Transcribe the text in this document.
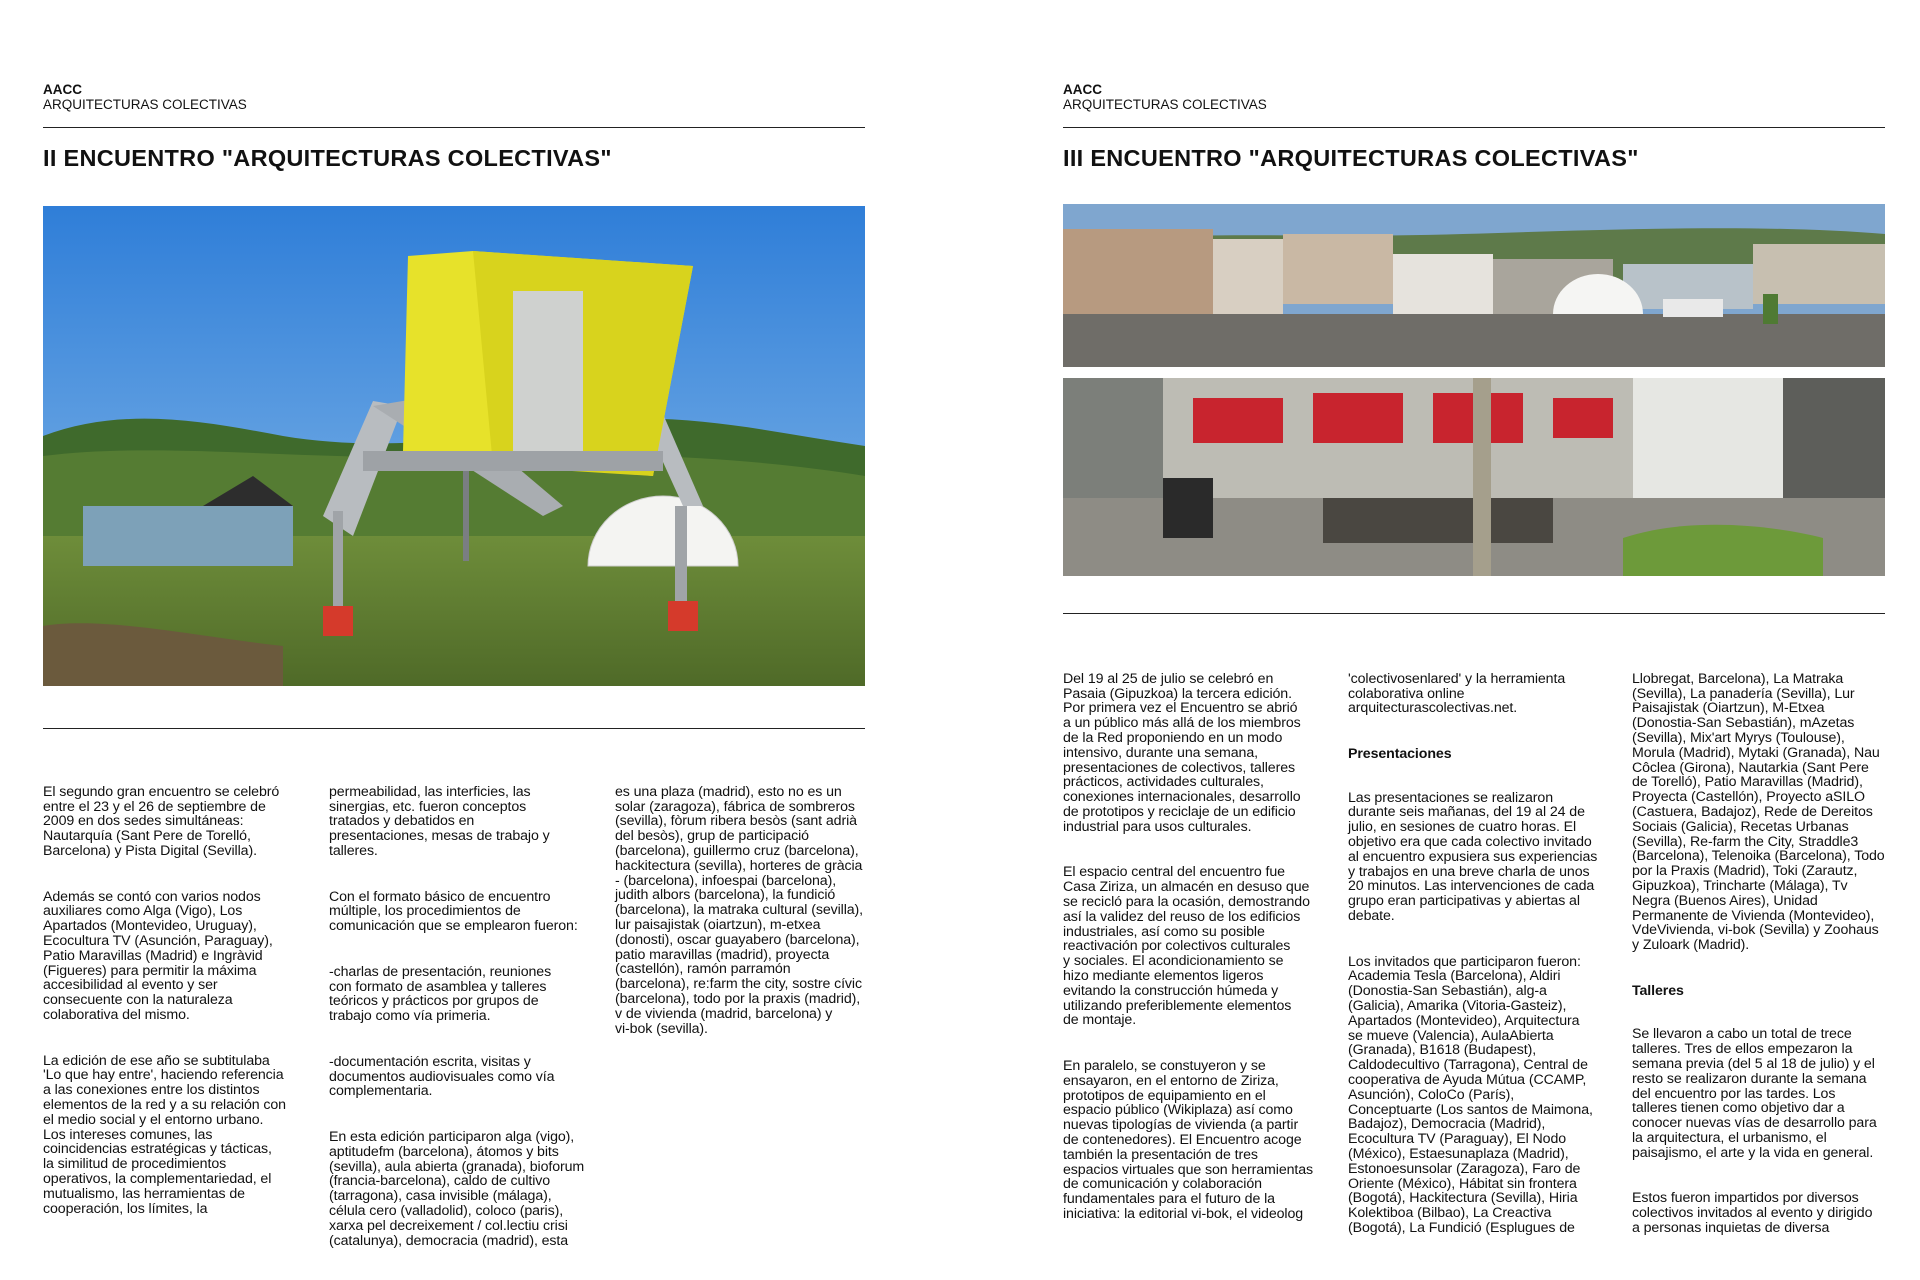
AACC
ARQUITECTURAS COLECTIVAS
II ENCUENTRO "ARQUITECTURAS COLECTIVAS"

El segundo gran encuentro se celebró
entre el 23 y el 26 de septiembre de
2009 en dos sedes simultáneas:
Nautarquía (Sant Pere de Torelló,
Barcelona) y Pista Digital (Sevilla).

Además se contó con varios nodos
auxiliares como Alga (Vigo), Los
Apartados (Montevideo, Uruguay),
Ecocultura TV (Asunción, Paraguay),
Patio Maravillas (Madrid) e Ingràvid
(Figueres) para permitir la máxima
accesibilidad al evento y ser
consecuente con la naturaleza
colaborativa del mismo.

La edición de ese año se subtitulaba
'Lo que hay entre', haciendo referencia
a las conexiones entre los distintos
elementos de la red y a su relación con
el medio social y el entorno urbano.
Los intereses comunes, las
coincidencias estratégicas y tácticas,
la similitud de procedimientos
operativos, la complementariedad, el
mutualismo, las herramientas de
cooperación, los límites, la

permeabilidad, las interficies, las
sinergias, etc. fueron conceptos
tratados y debatidos en
presentaciones, mesas de trabajo y
talleres.

Con el formato básico de encuentro
múltiple, los procedimientos de
comunicación que se emplearon fueron:

-charlas de presentación, reuniones
con formato de asamblea y talleres
teóricos y prácticos por grupos de
trabajo como vía primeria.

-documentación escrita, visitas y
documentos audiovisuales como vía
complementaria.

En esta edición participaron alga (vigo),
aptitudefm (barcelona), átomos y bits
(sevilla), aula abierta (granada), bioforum
(francia-barcelona), caldo de cultivo
(tarragona), casa invisible (málaga),
célula cero (valladolid), coloco (paris),
xarxa pel decreixement / col.lectiu crisi
(catalunya), democracia (madrid), esta

es una plaza (madrid), esto no es un
solar (zaragoza), fábrica de sombreros
(sevilla), fòrum ribera besòs (sant adrià
del besòs), grup de participació
(barcelona), guillermo cruz (barcelona),
hackitectura (sevilla), horteres de gràcia
- (barcelona), infoespai (barcelona),
judith albors (barcelona), la fundició
(barcelona), la matraka cultural (sevilla),
lur paisajistak (oiartzun), m-etxea
(donosti), oscar guayabero (barcelona),
patio maravillas (madrid), proyecta
(castellón), ramón parramón
(barcelona), re:farm the city, sostre cívic
(barcelona), todo por la praxis (madrid),
v de vivienda (madrid, barcelona) y
vi-bok (sevilla).

AACC
ARQUITECTURAS COLECTIVAS
III ENCUENTRO "ARQUITECTURAS COLECTIVAS"

Del 19 al 25 de julio se celebró en
Pasaia (Gipuzkoa) la tercera edición.
Por primera vez el Encuentro se abrió
a un público más allá de los miembros
de la Red proponiendo en un modo
intensivo, durante una semana,
presentaciones de colectivos, talleres
prácticos, actividades culturales,
conexiones internacionales, desarrollo
de prototipos y reciclaje de un edificio
industrial para usos culturales.

El espacio central del encuentro fue
Casa Ziriza, un almacén en desuso que
se recicló para la ocasión, demostrando
así la validez del reuso de los edificios
industriales, así como su posible
reactivación por colectivos culturales
y sociales. El acondicionamiento se
hizo mediante elementos ligeros
evitando la construcción húmeda y
utilizando preferiblemente elementos
de montaje.

En paralelo, se constuyeron y se
ensayaron, en el entorno de Ziriza,
prototipos de equipamiento en el
espacio público (Wikiplaza) así como
nuevas tipologías de vivienda (a partir
de contenedores). El Encuentro acoge
también la presentación de tres
espacios virtuales que son herramientas
de comunicación y colaboración
fundamentales para el futuro de la
iniciativa: la editorial vi-bok, el videolog

'colectivosenlared' y la herramienta
colaborativa online
arquitecturascolectivas.net.

Presentaciones

Las presentaciones se realizaron
durante seis mañanas, del 19 al 24 de
julio, en sesiones de cuatro horas. El
objetivo era que cada colectivo invitado
al encuentro expusiera sus experiencias
y trabajos en una breve charla de unos
20 minutos. Las intervenciones de cada
grupo eran participativas y abiertas al
debate.

Los invitados que participaron fueron:
Academia Tesla (Barcelona), Aldiri
(Donostia-San Sebastián), alg-a
(Galicia), Amarika (Vitoria-Gasteiz),
Apartados (Montevideo), Arquitectura
se mueve (Valencia), AulaAbierta
(Granada), B1618 (Budapest),
Caldodecultivo (Tarragona), Central de
cooperativa de Ayuda Mútua (CCAMP,
Asunción), ColoCo (París),
Conceptuarte (Los santos de Maimona,
Badajoz), Democracia (Madrid),
Ecocultura TV (Paraguay), El Nodo
(México), Estaesunaplaza (Madrid),
Estonoesunsolar (Zaragoza), Faro de
Oriente (México), Hábitat sin frontera
(Bogotá), Hackitectura (Sevilla), Hiria
Kolektiboa (Bilbao), La Creactiva
(Bogotá), La Fundició (Esplugues de

Llobregat, Barcelona), La Matraka
(Sevilla), La panadería (Sevilla), Lur
Paisajistak (Oiartzun), M-Etxea
(Donostia-San Sebastián), mAzetas
(Sevilla), Mix'art Myrys (Toulouse),
Morula (Madrid), Mytaki (Granada), Nau
Côclea (Girona), Nautarkia (Sant Pere
de Torelló), Patio Maravillas (Madrid),
Proyecta (Castellón), Proyecto aSILO
(Castuera, Badajoz), Rede de Dereitos
Sociais (Galicia), Recetas Urbanas
(Sevilla), Re-farm the City, Straddle3
(Barcelona), Telenoika (Barcelona), Todo
por la Praxis (Madrid), Toki (Zarautz,
Gipuzkoa), Trincharte (Málaga), Tv
Negra (Buenos Aires), Unidad
Permanente de Vivienda (Montevideo),
VdeVivienda, vi-bok (Sevilla) y Zoohaus
y Zuloark (Madrid).

Talleres

Se llevaron a cabo un total de trece
talleres. Tres de ellos empezaron la
semana previa (del 5 al 18 de julio) y el
resto se realizaron durante la semana
del encuentro por las tardes. Los
talleres tienen como objetivo dar a
conocer nuevas vías de desarrollo para
la arquitectura, el urbanismo, el
paisajismo, el arte y la vida en general.

Estos fueron impartidos por diversos
colectivos invitados al evento y dirigido
a personas inquietas de diversa
